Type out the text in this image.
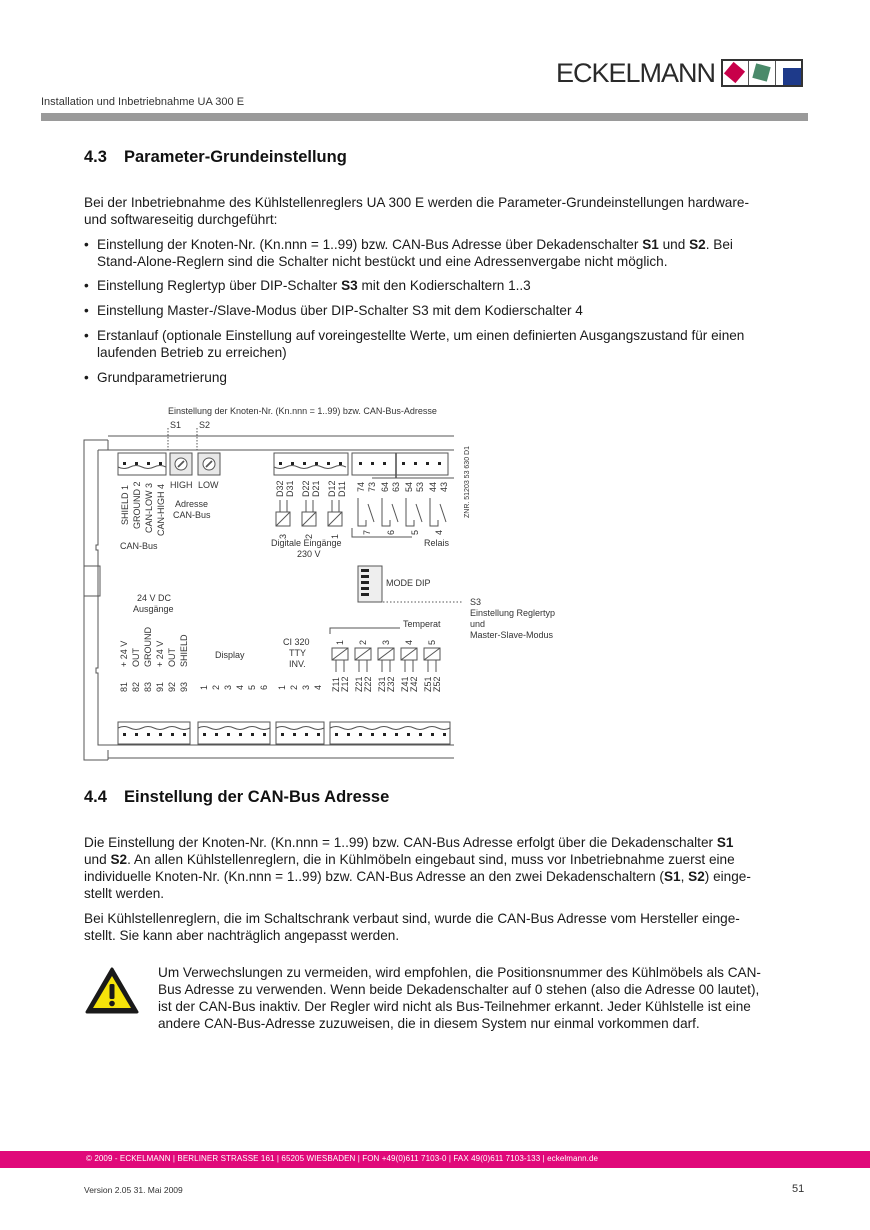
ECKELMANN
Installation und Inbetriebnahme UA 300 E
4.3 Parameter-Grundeinstellung
Bei der Inbetriebnahme des Kühlstellenreglers UA 300 E werden die Parameter-Grundeinstellungen hardware-
und softwareseitig durchgeführt:
• Einstellung der Knoten-Nr. (Kn.nnn = 1..99) bzw. CAN-Bus Adresse über Dekadenschalter S1 und S2. Bei
Stand-Alone-Reglern sind die Schalter nicht bestückt und eine Adressenvergabe nicht möglich.
• Einstellung Reglertyp über DIP-Schalter S3 mit den Kodierschaltern 1..3
• Einstellung Master-/Slave-Modus über DIP-Schalter S3 mit dem Kodierschalter 4
• Erstanlauf (optionale Einstellung auf voreingestellte Werte, um einen definierten Ausgangszustand für einen
laufenden Betrieb zu erreichen)
• Grundparametrierung
Einstellung der Knoten-Nr. (Kn.nnn = 1..99) bzw. CAN-Bus-Adresse
S1 S2
SHIELD 1 GROUND 2 CAN-LOW 3 CAN-HIGH 4
CAN-Bus
HIGH LOW
Adresse
CAN-Bus
D32 D31 D22 D21 D12 D11
3 2 1
Digitale Eingänge
230 V
74 73 64 63 54 53 44 43
7 6 5 4
Relais
ZNR. 51203 53 630 D1
MODE DIP
S3
Einstellung Reglertyp
und
Master-Slave-Modus
Temperat
24 V DC
Ausgänge
+ 24 V OUT GROUND + 24 V OUT SHIELD
81 82 83 91 92 93
Display
1 2 3 4 5 6
CI 320
TTY
INV.
1 2 3 4
1 2 3 4 5
Z11 Z12 Z21 Z22 Z31 Z32 Z41 Z42 Z51 Z52
4.4 Einstellung der CAN-Bus Adresse
Die Einstellung der Knoten-Nr. (Kn.nnn = 1..99) bzw. CAN-Bus Adresse erfolgt über die Dekadenschalter S1
und S2. An allen Kühlstellenreglern, die in Kühlmöbeln eingebaut sind, muss vor Inbetriebnahme zuerst eine
individuelle Knoten-Nr. (Kn.nnn = 1..99) bzw. CAN-Bus Adresse an den zwei Dekadenschaltern (S1, S2) einge-
stellt werden.
Bei Kühlstellenreglern, die im Schaltschrank verbaut sind, wurde die CAN-Bus Adresse vom Hersteller einge-
stellt. Sie kann aber nachträglich angepasst werden.
Um Verwechslungen zu vermeiden, wird empfohlen, die Positionsnummer des Kühlmöbels als CAN-
Bus Adresse zu verwenden. Wenn beide Dekadenschalter auf 0 stehen (also die Adresse 00 lautet),
ist der CAN-Bus inaktiv. Der Regler wird nicht als Bus-Teilnehmer erkannt. Jeder Kühlstelle ist eine
andere CAN-Bus-Adresse zuzuweisen, die in diesem System nur einmal vorkommen darf.
© 2009 - ECKELMANN | BERLINER STRASSE 161 | 65205 WIESBADEN | FON +49(0)611 7103-0 | FAX 49(0)611 7103-133 | eckelmann.de
Version 2.05 31. Mai 2009	51
